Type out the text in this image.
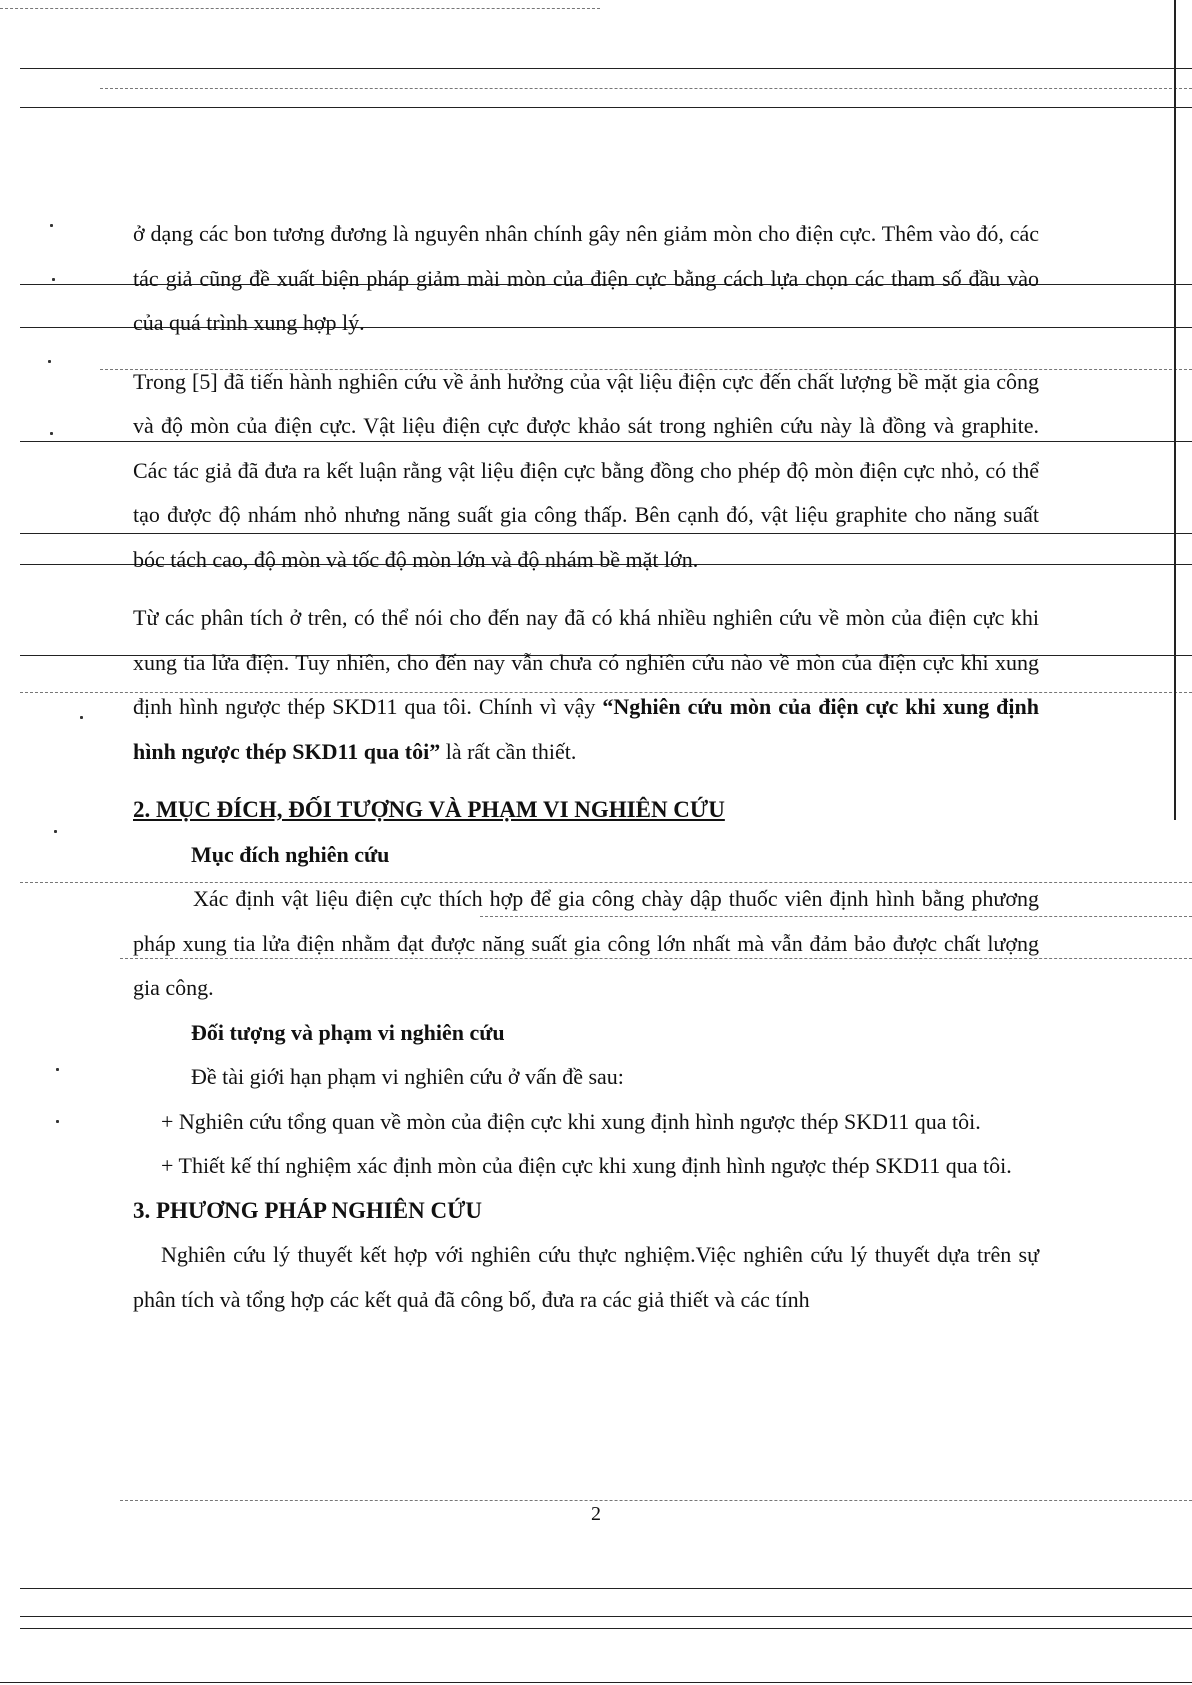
ở dạng các bon tương đương là nguyên nhân chính gây nên giảm mòn cho điện cực. Thêm vào đó, các tác giả cũng đề xuất biện pháp giảm mài mòn của điện cực bằng cách lựa chọn các tham số đầu vào của quá trình xung hợp lý.

Trong [5] đã tiến hành nghiên cứu về ảnh hưởng của vật liệu điện cực đến chất lượng bề mặt gia công và độ mòn của điện cực. Vật liệu điện cực được khảo sát trong nghiên cứu này là đồng và graphite. Các tác giả đã đưa ra kết luận rằng vật liệu điện cực bằng đồng cho phép độ mòn điện cực nhỏ, có thể tạo được độ nhám nhỏ nhưng năng suất gia công thấp. Bên cạnh đó, vật liệu graphite cho năng suất bóc tách cao, độ mòn và tốc độ mòn lớn và độ nhám bề mặt lớn.

Từ các phân tích ở trên, có thể nói cho đến nay đã có khá nhiều nghiên cứu về mòn của điện cực khi xung tia lửa điện. Tuy nhiên, cho đến nay vẫn chưa có nghiên cứu nào về mòn của điện cực khi xung định hình ngược thép SKD11 qua tôi. Chính vì vậy “Nghiên cứu mòn của điện cực khi xung định hình ngược thép SKD11 qua tôi” là rất cần thiết.

2. MỤC ĐÍCH, ĐỐI TƯỢNG VÀ PHẠM VI NGHIÊN CỨU

Mục đích nghiên cứu

Xác định vật liệu điện cực thích hợp để gia công chày dập thuốc viên định hình bằng phương pháp xung tia lửa điện nhằm đạt được năng suất gia công lớn nhất mà vẫn đảm bảo được chất lượng gia công.

Đối tượng và phạm vi nghiên cứu

Đề tài giới hạn phạm vi nghiên cứu ở vấn đề sau:

+ Nghiên cứu tổng quan về mòn của điện cực khi xung định hình ngược thép SKD11 qua tôi.

+ Thiết kế thí nghiệm xác định mòn của điện cực khi xung định hình ngược thép SKD11 qua tôi.

3. PHƯƠNG PHÁP NGHIÊN CỨU

Nghiên cứu lý thuyết kết hợp với nghiên cứu thực nghiệm.Việc nghiên cứu lý thuyết dựa trên sự phân tích và tổng hợp các kết quả đã công bố, đưa ra các giả thiết và các tính

2
